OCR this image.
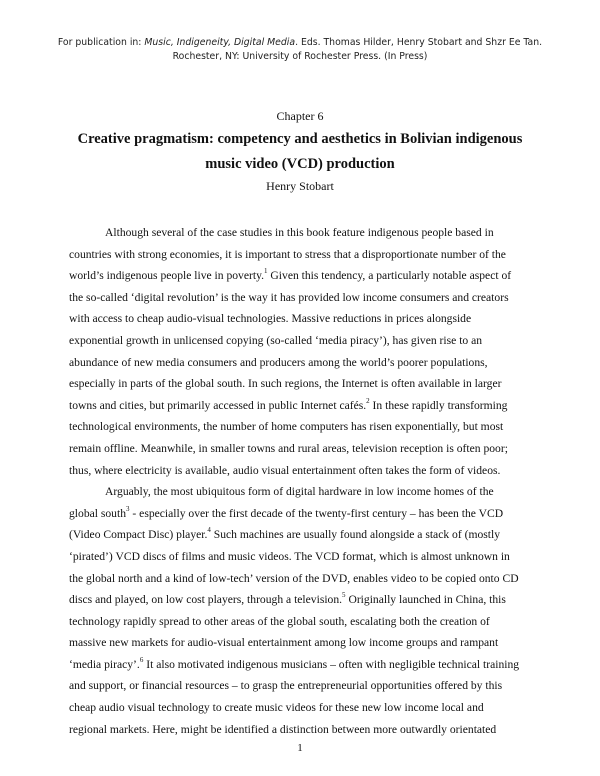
For publication in: Music, Indigeneity, Digital Media. Eds. Thomas Hilder, Henry Stobart and Shzr Ee Tan.
Rochester, NY: University of Rochester Press. (In Press)
Chapter 6
Creative pragmatism: competency and aesthetics in Bolivian indigenous
music video (VCD) production
Henry Stobart
Although several of the case studies in this book feature indigenous people based in
countries with strong economies, it is important to stress that a disproportionate number of the
world’s indigenous people live in poverty.$^1$ Given this tendency, a particularly notable aspect of
the so-called ‘digital revolution’ is the way it has provided low income consumers and creators
with access to cheap audio-visual technologies. Massive reductions in prices alongside
exponential growth in unlicensed copying (so-called ‘media piracy’), has given rise to an
abundance of new media consumers and producers among the world’s poorer populations,
especially in parts of the global south. In such regions, the Internet is often available in larger
towns and cities, but primarily accessed in public Internet cafés.$^2$ In these rapidly transforming
technological environments, the number of home computers has risen exponentially, but most
remain offline. Meanwhile, in smaller towns and rural areas, television reception is often poor;
thus, where electricity is available, audio visual entertainment often takes the form of videos.
Arguably, the most ubiquitous form of digital hardware in low income homes of the
global south$^3$ - especially over the first decade of the twenty-first century – has been the VCD
(Video Compact Disc) player.$^4$ Such machines are usually found alongside a stack of (mostly
‘pirated’) VCD discs of films and music videos. The VCD format, which is almost unknown in
the global north and a kind of low-tech’ version of the DVD, enables video to be copied onto CD
discs and played, on low cost players, through a television.$^5$ Originally launched in China, this
technology rapidly spread to other areas of the global south, escalating both the creation of
massive new markets for audio-visual entertainment among low income groups and rampant
‘media piracy’.$^6$ It also motivated indigenous musicians – often with negligible technical training
and support, or financial resources – to grasp the entrepreneurial opportunities offered by this
cheap audio visual technology to create music videos for these new low income local and
regional markets. Here, might be identified a distinction between more outwardly orientated
1
